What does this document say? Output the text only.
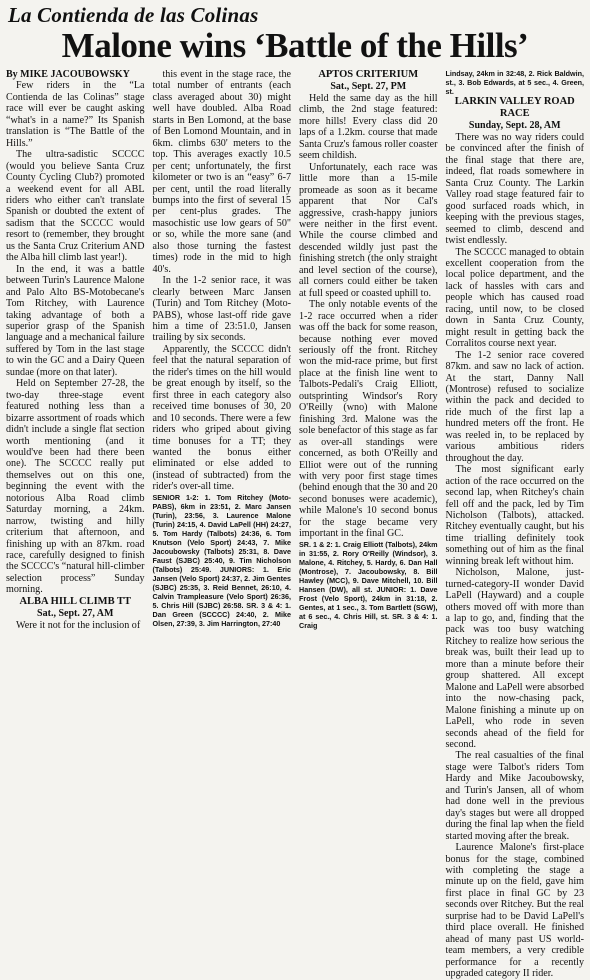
La Contienda de las Colinas
Malone wins ‘Battle of the Hills’

By MIKE JACOUBOWSKY

Few riders in the “La Contienda de las Colinas” stage race will ever be caught asking “what's in a name?” Its Spanish translation is “The Battle of the Hills.”

The ultra-sadistic SCCCC (would you believe Santa Cruz County Cycling Club?) promoted a weekend event for all ABL riders who either can't translate Spanish or doubted the extent of sadism that the SCCCC would resort to (remember, they brought us the Santa Cruz Criterium AND the Alba hill climb last year!).

In the end, it was a battle between Turin's Laurence Malone and Palo Alto BS-Motobecane's Tom Ritchey, with Laurence taking advantage of both a superior grasp of the Spanish language and a mechanical failure suffered by Tom in the last stage to win the GC and a Dairy Queen sundae (more on that later).

Held on September 27-28, the two-day three-stage event featured nothing less than a bizarre assortment of roads which didn't include a single flat section worth mentioning (and it would've been had there been one). The SCCCC really put themselves out on this one, beginning the event with the notorious Alba Road climb Saturday morning, a 24km. narrow, twisting and hilly criterium that afternoon, and finishing up with an 87km. road race, carefully designed to finish the SCCCC's “natural hill-climber selection process” Sunday morning.

ALBA HILL CLIMB TT

Sat., Sept. 27, AM

Were it not for the inclusion of

this event in the stage race, the total number of entrants (each class averaged about 30) might well have doubled. Alba Road starts in Ben Lomond, at the base of Ben Lomond Mountain, and in 6km. climbs 630' meters to the top. This averages exactly 10.5 per cent; unfortunately, the first kilometer or two is an “easy” 6-7 per cent, until the road literally bumps into the first of several 15 per cent-plus grades. The masochistic use low gears of 50" or so, while the more sane (and also those turning the fastest times) rode in the mid to high 40's.

In the 1-2 senior race, it was clearly between Marc Jansen (Turin) and Tom Ritchey (Moto-PABS), whose last-off ride gave him a time of 23:51.0, Jansen trailing by six seconds.

Apparently, the SCCCC didn't feel that the natural separation of the rider's times on the hill would be great enough by itself, so the first three in each category also received time bonuses of 30, 20 and 10 seconds. There were a few riders who griped about giving time bonuses for a TT; they wanted the bonus either eliminated or else added to (instead of subtracted) from the rider's over-all time.

SENIOR 1-2: 1. Tom Ritchey (Moto-PABS), 6km in 23:51, 2. Marc Jansen (Turin), 23:56, 3. Laurence Malone (Turin) 24:15, 4. David LaPell (HH) 24:27, 5. Tom Hardy (Talbots) 24:36, 6. Tom Knutson (Velo Sport) 24:43, 7. Mike Jacoubowsky (Talbots) 25:31, 8. Dave Faust (SJBC) 25:40, 9. Tim Nicholson (Talbots) 25:49. JUNIORS: 1. Eric Jansen (Velo Sport) 24:37, 2. Jim Gentes (SJBC) 25:35, 3. Reid Bennet, 26:10, 4. Calvin Trampleasure (Velo Sport) 26:36, 5. Chris Hill (SJBC) 26:58. SR. 3 & 4: 1. Dan Green (SCCCC) 24:40, 2. Mike Olsen, 27:39, 3. Jim Harrington, 27:40

APTOS CRITERIUM

Sat., Sept. 27, PM

Held the same day as the hill climb, the 2nd stage featured: more hills! Every class did 20 laps of a 1.2km. course that made Santa Cruz's famous roller coaster seem childish.

Unfortunately, each race was little more than a 15-mile promeade as soon as it became apparent that Nor Cal's aggressive, crash-happy juniors were neither in the first event. While the course climbed and descended wildly just past the finishing stretch (the only straight and level section of the course), all corners could either be taken at full speed or coasted uphill to.

The only notable events of the 1-2 race occurred when a rider was off the back for some reason, because nothing ever moved seriously off the front. Ritchey won the mid-race prime, but first place at the finish line went to Talbots-Pedali's Craig Elliott, outsprinting Windsor's Rory O'Reilly (wno) with Malone finishing 3rd. Malone was the sole benefactor of this stage as far as over-all standings were concerned, as both O'Reilly and Elliot were out of the running with very poor first stage times (behind enough that the 30 and 20 second bonuses were academic), while Malone's 10 second bonus for the stage became very important in the final GC.

SR. 1 & 2: 1. Craig Elliott (Talbots), 24km in 31:55, 2. Rory O'Reilly (Windsor), 3. Malone, 4. Ritchey, 5. Hardy, 6. Dan Hall (Montrose), 7. Jacoubowsky, 8. Bill Hawley (MCC), 9. Dave Mitchell, 10. Bill Hansen (DW), all st. JUNIOR: 1. Dave Frost (Velo Sport), 24km in 31:18, 2. Gentes, at 1 sec., 3. Tom Bartlett (SGW), at 6 sec., 4. Chris Hill, st. SR. 3 & 4: 1. Craig

Lindsay, 24km in 32:48, 2. Rick Baldwin, st., 3. Bob Edwards, at 5 sec., 4. Green, st.

LARKIN VALLEY ROAD RACE

Sunday, Sept. 28, AM

There was no way riders could be convinced after the finish of the final stage that there are, indeed, flat roads somewhere in Santa Cruz County. The Larkin Valley road stage featured fair to good surfaced roads which, in keeping with the previous stages, seemed to climb, descend and twist endlessly.

The SCCCC managed to obtain excellent cooperation from the local police department, and the lack of hassles with cars and people which has caused road racing, until now, to be closed down in Santa Cruz County, might result in getting back the Corralitos course next year.

The 1-2 senior race covered 87km. and saw no lack of action. At the start, Danny Nall (Montrose) refused to socialize within the pack and decided to ride much of the first lap a hundred meters off the front. He was reeled in, to be replaced by various ambitious riders throughout the day.

The most significant early action of the race occurred on the second lap, when Ritchey's chain fell off and the pack, led by Tim Nicholson (Talbots), attacked. Ritchey eventually caught, but his time trialling definitely took something out of him as the final winning break left without him.

Nicholson, Malone, just-turned-category-II wonder David LaPell (Hayward) and a couple others moved off with more than a lap to go, and, finding that the pack was too busy watching Ritchey to realize how serious the break was, built their lead up to more than a minute before their group shattered. All except Malone and LaPell were absorbed into the now-chasing pack, Malone finishing a minute up on LaPell, who rode in seven seconds ahead of the field for second.

The real casualties of the final stage were Talbot's riders Tom Hardy and Mike Jacoubowsky, and Turin's Jansen, all of whom had done well in the previous day's stages but were all dropped during the final lap when the field started moving after the break.

Laurence Malone's first-place bonus for the stage, combined with completing the stage a minute up on the field, gave him first place in final GC by 23 seconds over Ritchey. But the real surprise had to be David LaPell's third place overall. He finished ahead of many past US world-team members, a very credible performance for a recently upgraded category II rider.
